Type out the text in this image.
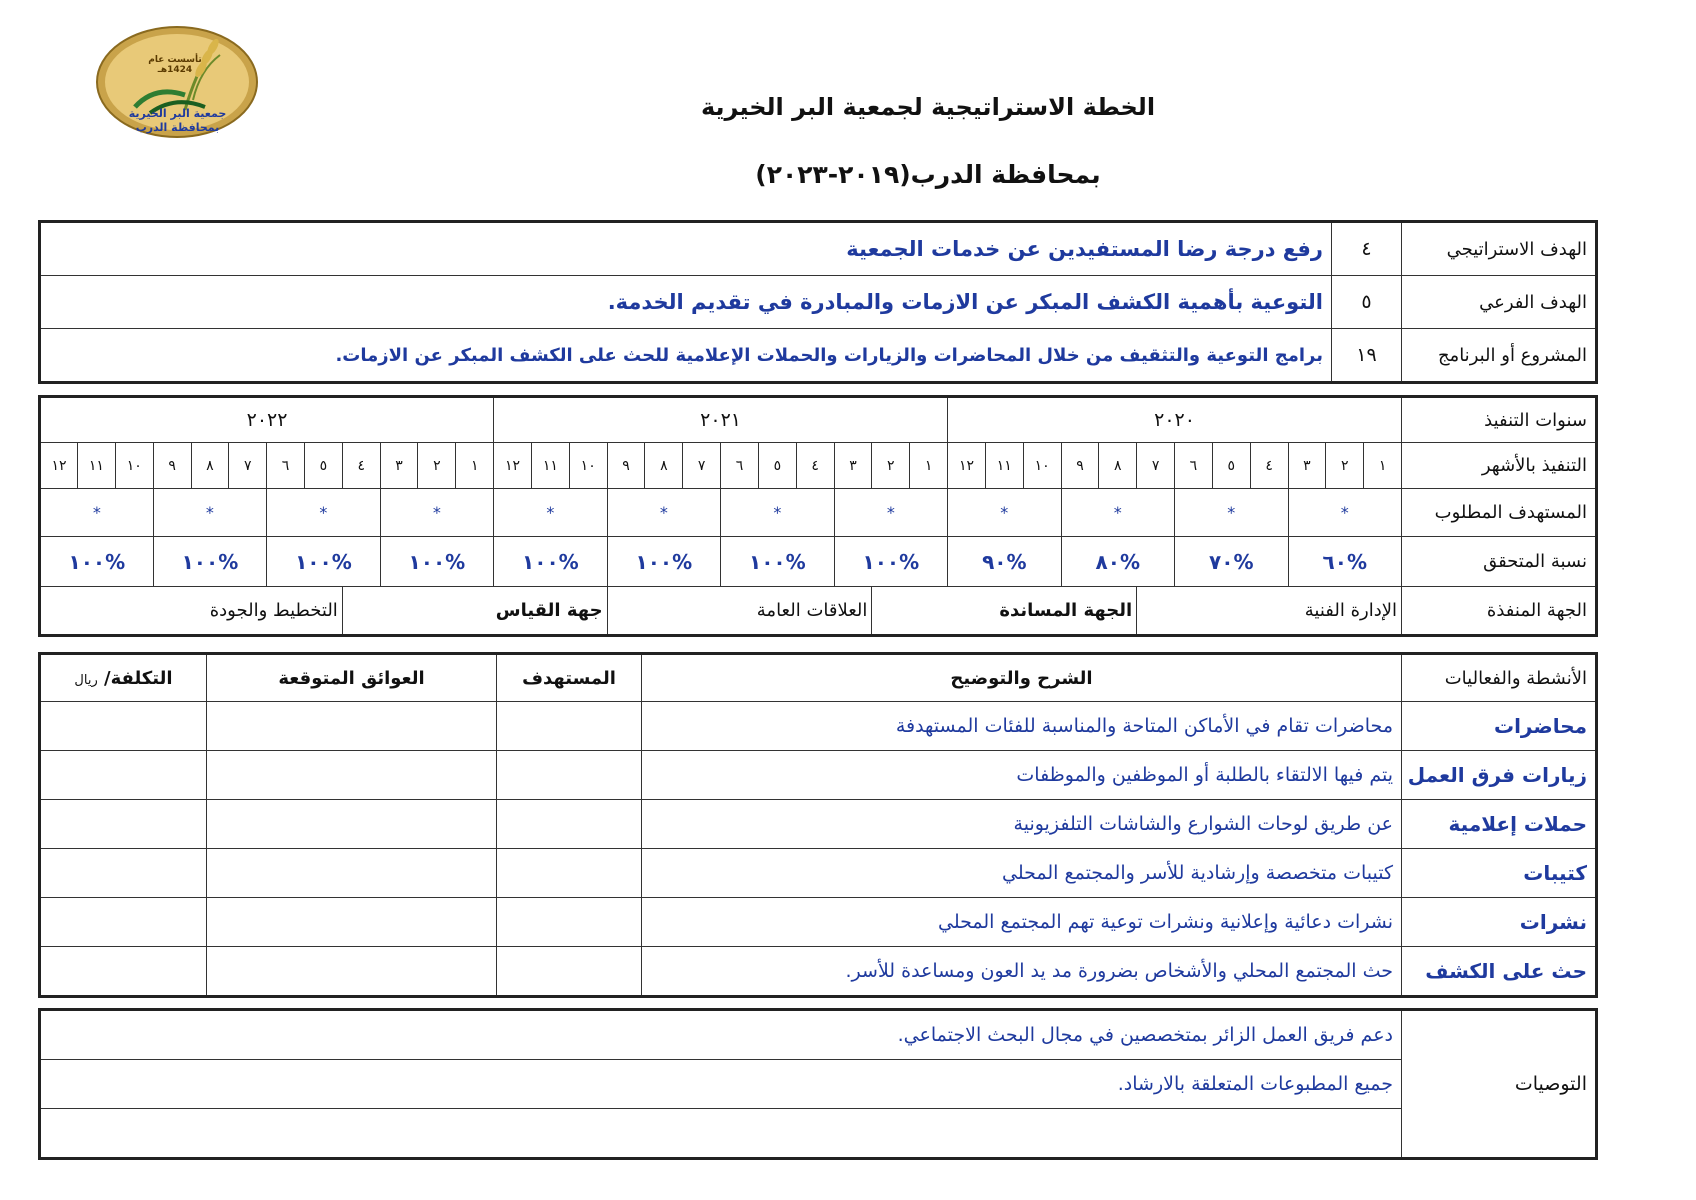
تأسست عام 1424هـ
جمعية البر الخيرية
بمحافظة الدرب
الخطة الاستراتيجية لجمعية البر الخيرية
بمحافظة الدرب(٢٠١٩-٢٠٢٣)
الهدف الاستراتيجي	٤	رفع درجة رضا المستفيدين عن خدمات الجمعية
الهدف الفرعي	٥	التوعية بأهمية الكشف المبكر عن الازمات والمبادرة في تقديم الخدمة.
المشروع أو البرنامج	١٩	برامج التوعية والتثقيف من خلال المحاضرات والزيارات والحملات الإعلامية للحث على الكشف المبكر عن الازمات.
سنوات التنفيذ	٢٠٢٠												٢٠٢١												٢٠٢٢											
التنفيذ بالأشهر	١	٢	٣	٤	٥	٦	٧	٨	٩	١٠	١١	١٢	١	٢	٣	٤	٥	٦	٧	٨	٩	١٠	١١	١٢	١	٢	٣	٤	٥	٦	٧	٨	٩	١٠	١١	١٢
المستهدف المطلوب	*			*			*			*			*			*			*			*			*			*			*			*		
نسبة المتحقق	%٦٠			%٧٠			%٨٠			%٩٠			%١٠٠			%١٠٠			%١٠٠			%١٠٠			%١٠٠			%١٠٠			%١٠٠			%١٠٠		
الجهة المنفذة	الإدارة الفنية							الجهة المساندة							العلاقات العامة							جهة القياس							التخطيط والجودة							
الأنشطة والفعاليات	الشرح والتوضيح	المستهدف	العوائق المتوقعة	التكلفة/ ريال
محاضرات	محاضرات تقام في الأماكن المتاحة والمناسبة للفئات المستهدفة			
زيارات فرق العمل	يتم فيها الالتقاء بالطلبة أو الموظفين والموظفات			
حملات إعلامية	عن طريق لوحات الشوارع والشاشات التلفزيونية			
كتيبات	كتيبات متخصصة وإرشادية للأسر والمجتمع المحلي			
نشرات	نشرات دعائية وإعلانية ونشرات توعية تهم المجتمع المحلي			
حث على الكشف	حث المجتمع المحلي والأشخاص بضرورة مد يد العون ومساعدة للأسر.			
التوصيات	دعم فريق العمل الزائر بمتخصصين في مجال البحث الاجتماعي.
جميع المطبوعات المتعلقة بالارشاد.
